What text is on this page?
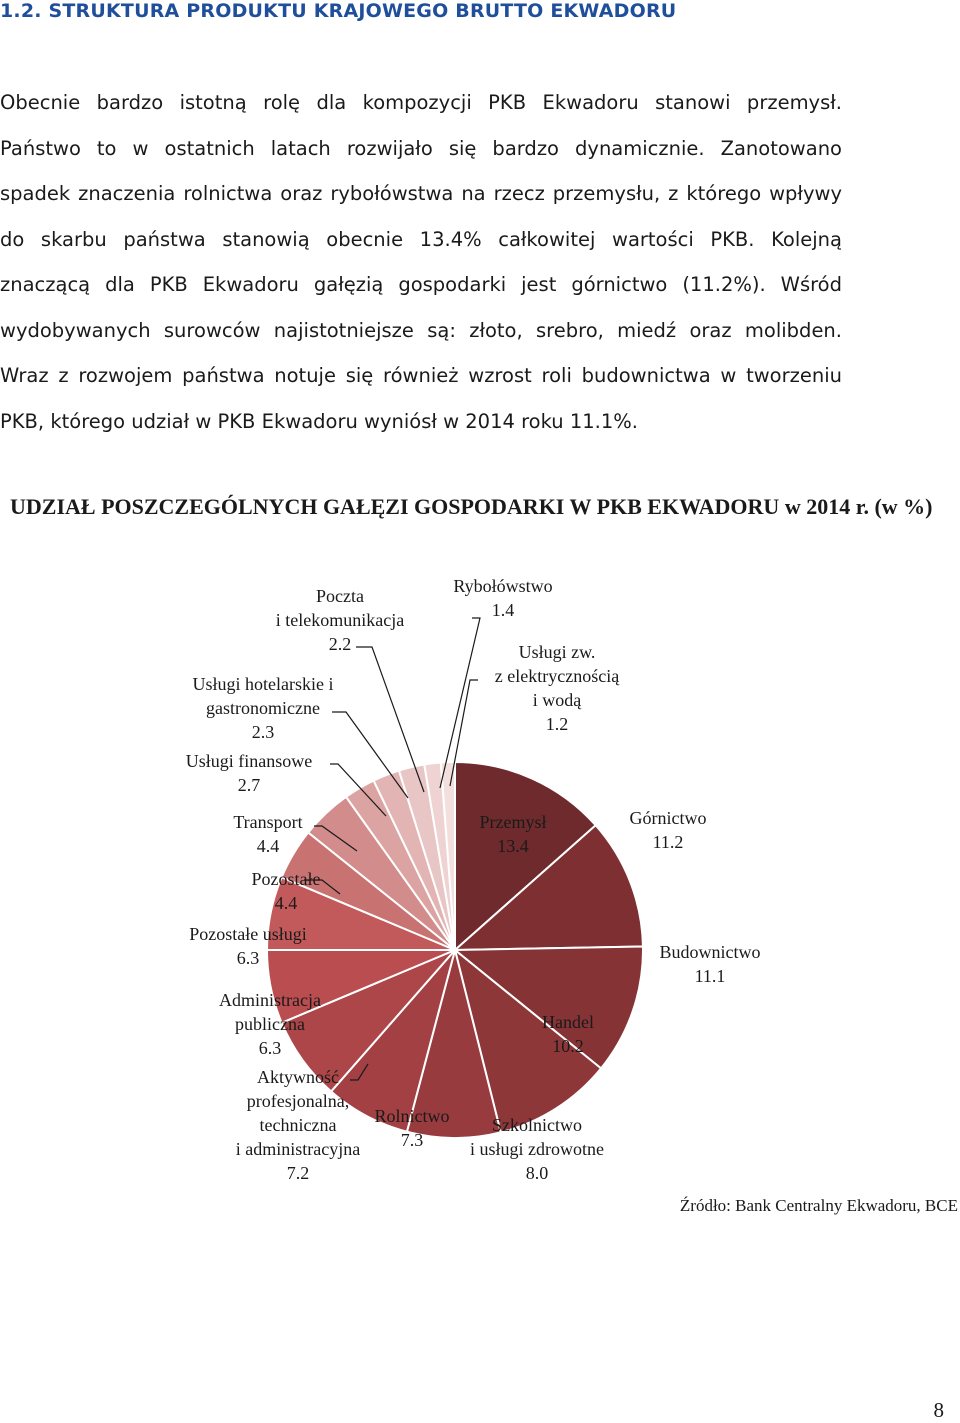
1.2. STRUKTURA PRODUKTU KRAJOWEGO BRUTTO EKWADORU

Obecnie bardzo istotną rolę dla kompozycji PKB Ekwadoru stanowi przemysł.

Państwo to w ostatnich latach rozwijało się bardzo dynamicznie. Zanotowano

spadek znaczenia rolnictwa oraz rybołówstwa na rzecz przemysłu, z którego wpływy

do skarbu państwa stanowią obecnie 13.4% całkowitej wartości PKB. Kolejną

znaczącą dla PKB Ekwadoru gałęzią gospodarki jest górnictwo (11.2%). Wśród

wydobywanych surowców najistotniejsze są: złoto, srebro, miedź oraz molibden.

Wraz z rozwojem państwa notuje się również wzrost roli budownictwa w tworzeniu

PKB, którego udział w PKB Ekwadoru wyniósł w 2014 roku 11.1%.

UDZIAŁ POSZCZEGÓLNYCH GAŁĘZI GOSPODARKI W PKB EKWADORU w 2014 r. (w %)
Przemysł 13.4
Górnictwo 11.2
Budownictwo 11.1
Handel 10.2
Szkolnictwo i usługi zdrowotne 8.0
Rolnictwo 7.3
Aktywność profesjonalna, techniczna i administracyjna 7.2
Administracja publiczna 6.3
Pozostałe usługi 6.3
Pozostałe 4.4
Transport 4.4
Usługi finansowe 2.7
Usługi hotelarskie i gastronomiczne 2.3
Poczta i telekomunikacja 2.2
Rybołówstwo 1.4
Usługi zw. z elektrycznością i wodą 1.2
Źródło: Bank Centralny Ekwadoru, BCE
8
